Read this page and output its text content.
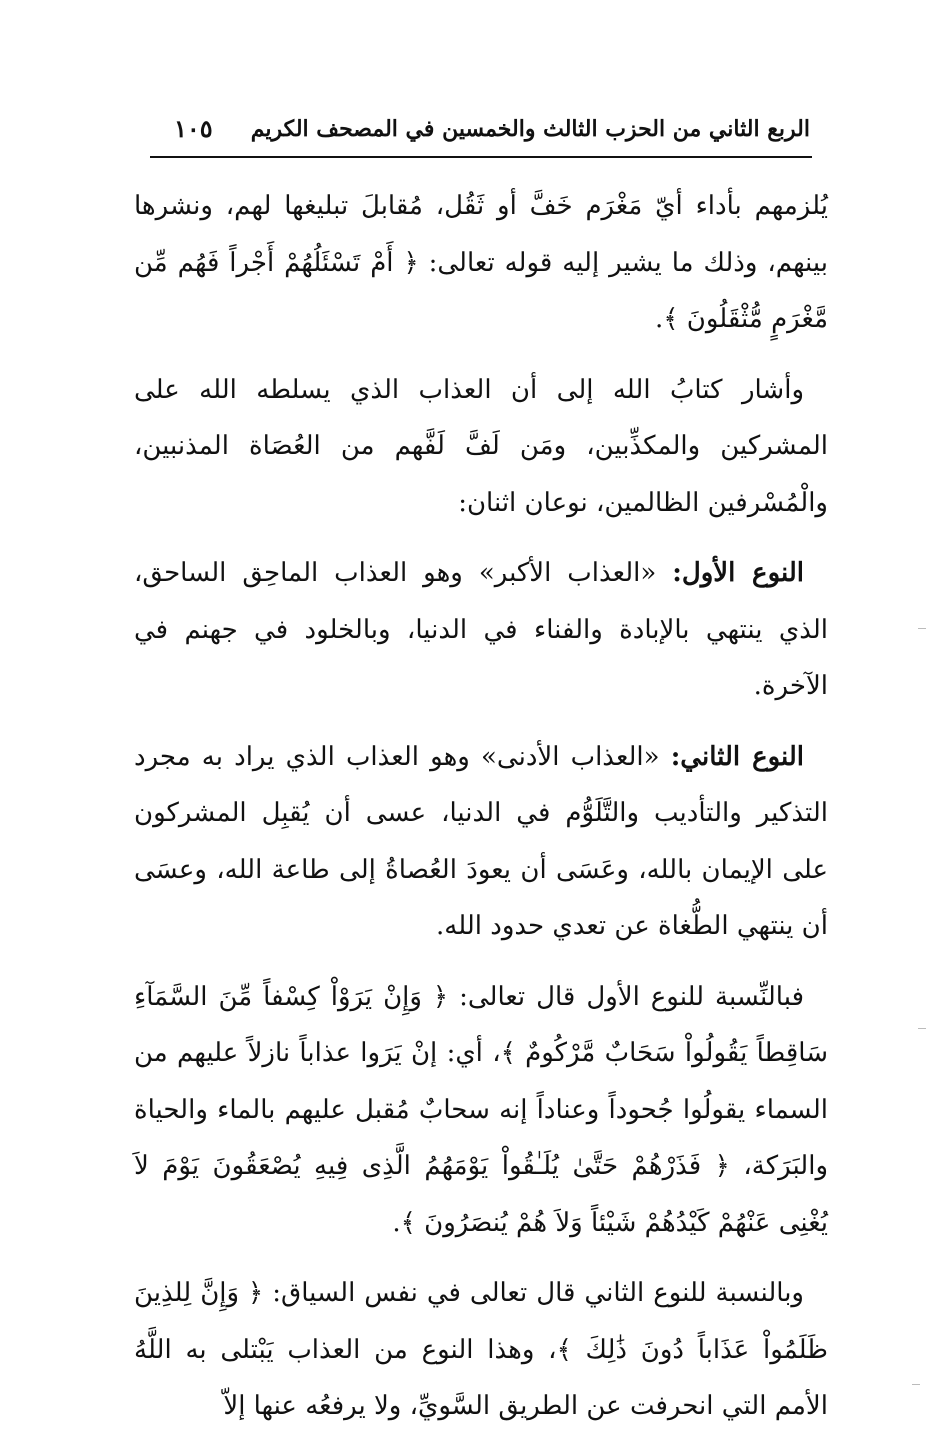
الربع الثاني من الحزب الثالث والخمسين في المصحف الكريم
١٠٥

يُلزمهم بأداء أيّ مَغْرَم خَفَّ أو ثَقُل، مُقابلَ تبليغها لهم، ونشرها بينهم، وذلك ما يشير إليه قوله تعالى: ﴿ أَمْ تَسْئَلُهُمْ أَجْراً فَهُم مِّن مَّغْرَمٍ مُّثْقَلُونَ ﴾.

وأشار كتابُ الله إلى أن العذاب الذي يسلطه الله على المشركين والمكذِّبين، ومَن لَفَّ لَفَّهم من العُصَاة المذنبين، والْمُسْرفين الظالمين، نوعان اثنان:

النوع الأول: «العذاب الأكبر» وهو العذاب الماحِق الساحق، الذي ينتهي بالإبادة والفناء في الدنيا، وبالخلود في جهنم في الآخرة.

النوع الثاني: «العذاب الأدنى» وهو العذاب الذي يراد به مجرد التذكير والتأديب والتَّلَوُّم في الدنيا، عسى أن يُقبِل المشركون على الإيمان بالله، وعَسَى أن يعودَ العُصاةُ إلى طاعة الله، وعسَى أن ينتهي الطُّغاة عن تعدي حدود الله.

فبالنِّسبة للنوع الأول قال تعالى: ﴿ وَإِنْ يَرَوْاْ كِسْفاً مِّنَ السَّمَآءِ سَاقِطاً يَقُولُواْ سَحَابٌ مَّرْكُومٌ ﴾، أي: إنْ يَرَوا عذاباً نازلاً عليهم من السماء يقولُوا جُحوداً وعناداً إنه سحابٌ مُقبل عليهم بالماء والحياة والبَرَكة، ﴿ فَذَرْهُمْ حَتَّىٰ يُلَـٰقُواْ يَوْمَهُمُ الَّذِى فِيهِ يُصْعَقُونَ يَوْمَ لاَ يُغْنِى عَنْهُمْ كَيْدُهُمْ شَيْئاً وَلاَ هُمْ يُنصَرُونَ ﴾.

وبالنسبة للنوع الثاني قال تعالى في نفس السياق: ﴿ وَإِنَّ لِلذِينَ ظَلَمُواْ عَذَاباً دُونَ ذَٰلِكَ ﴾، وهذا النوع من العذاب يَبْتلى به اللَّهُ الأمم التي انحرفت عن الطريق السَّويِّ، ولا يرفعُه عنها إلاّ
